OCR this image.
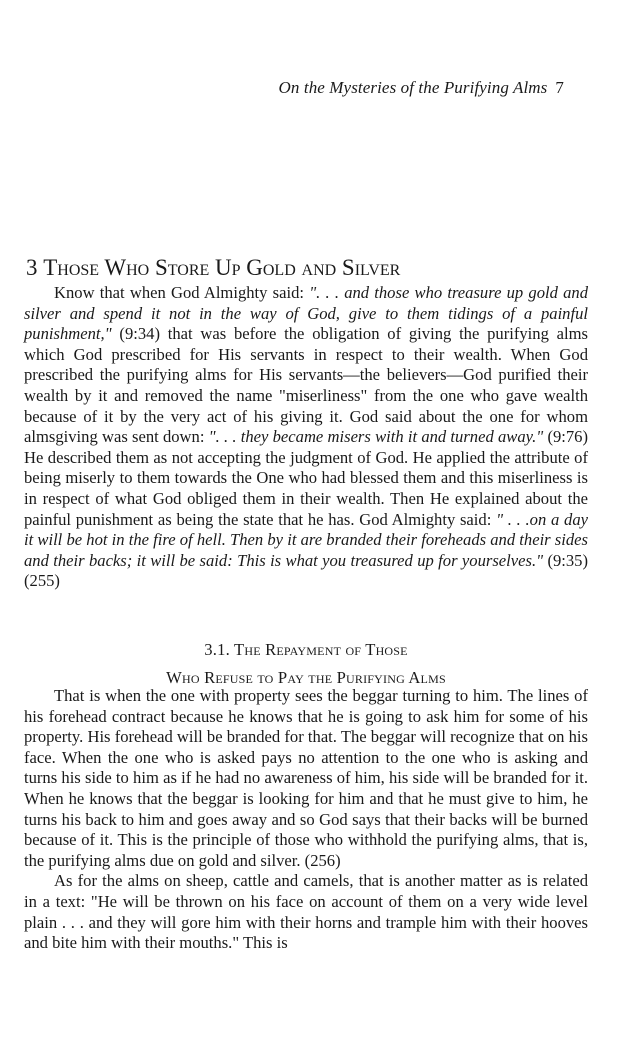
On the Mysteries of the Purifying Alms 7
3 Those Who Store Up Gold and Silver

Know that when God Almighty said: ". . . and those who treasure up gold and silver and spend it not in the way of God, give to them tidings of a painful punishment," (9:34) that was before the obligation of giving the purifying alms which God prescribed for His servants in respect to their wealth. When God prescribed the purifying alms for His servants—the believers—God purified their wealth by it and removed the name "miserliness" from the one who gave wealth because of it by the very act of his giving it. God said about the one for whom almsgiving was sent down: ". . . they became misers with it and turned away." (9:76) He described them as not accepting the judgment of God. He applied the attribute of being miserly to them towards the One who had blessed them and this miserliness is in respect of what God obliged them in their wealth. Then He explained about the painful punishment as being the state that he has. God Almighty said: " . . .on a day it will be hot in the fire of hell. Then by it are branded their foreheads and their sides and their backs; it will be said: This is what you treasured up for yourselves." (9:35) (255)

3.1. The Repayment of Those
Who Refuse to Pay the Purifying Alms

That is when the one with property sees the beggar turning to him. The lines of his forehead contract because he knows that he is going to ask him for some of his property. His forehead will be branded for that. The beggar will recognize that on his face. When the one who is asked pays no attention to the one who is asking and turns his side to him as if he had no awareness of him, his side will be branded for it. When he knows that the beggar is looking for him and that he must give to him, he turns his back to him and goes away and so God says that their backs will be burned because of it. This is the principle of those who withhold the purifying alms, that is, the purifying alms due on gold and silver. (256)

As for the alms on sheep, cattle and camels, that is another matter as is related in a text: "He will be thrown on his face on account of them on a very wide level plain . . . and they will gore him with their horns and trample him with their hooves and bite him with their mouths." This is
